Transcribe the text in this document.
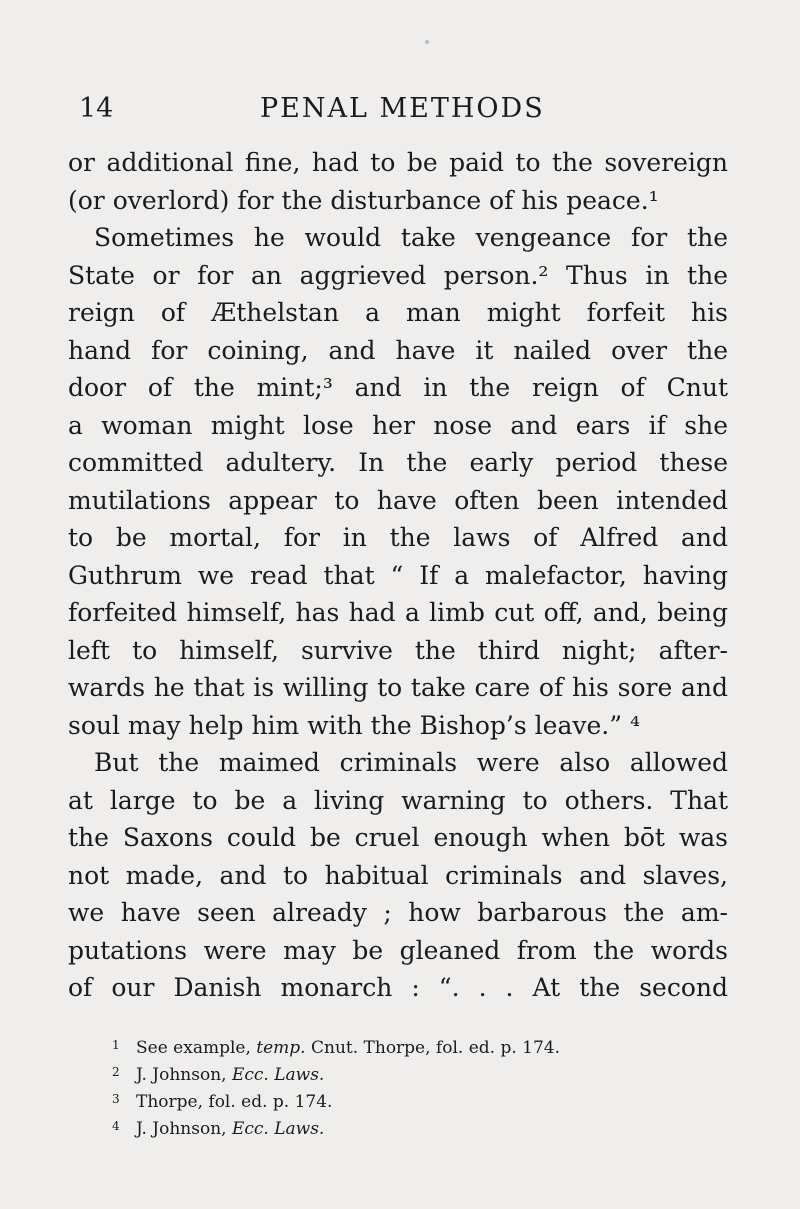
14	PENAL METHODS
or additional fine, had to be paid to the sovereign
(or overlord) for the disturbance of his peace.¹
Sometimes he would take vengeance for the
State or for an aggrieved person.² Thus in the
reign of Æthelstan a man might forfeit his
hand for coining, and have it nailed over the
door of the mint;³ and in the reign of Cnut
a woman might lose her nose and ears if she
committed adultery. In the early period these
mutilations appear to have often been intended
to be mortal, for in the laws of Alfred and
Guthrum we read that “ If a malefactor, having
forfeited himself, has had a limb cut off, and, being
left to himself, survive the third night; after-
wards he that is willing to take care of his sore and
soul may help him with the Bishop’s leave.” ⁴
But the maimed criminals were also allowed
at large to be a living warning to others. That
the Saxons could be cruel enough when bōt was
not made, and to habitual criminals and slaves,
we have seen already ; how barbarous the am-
putations were may be gleaned from the words
of our Danish monarch : “. . . At the second
1 See example, temp. Cnut. Thorpe, fol. ed. p. 174.
2 J. Johnson, Ecc. Laws.
3 Thorpe, fol. ed. p. 174.
4 J. Johnson, Ecc. Laws.
